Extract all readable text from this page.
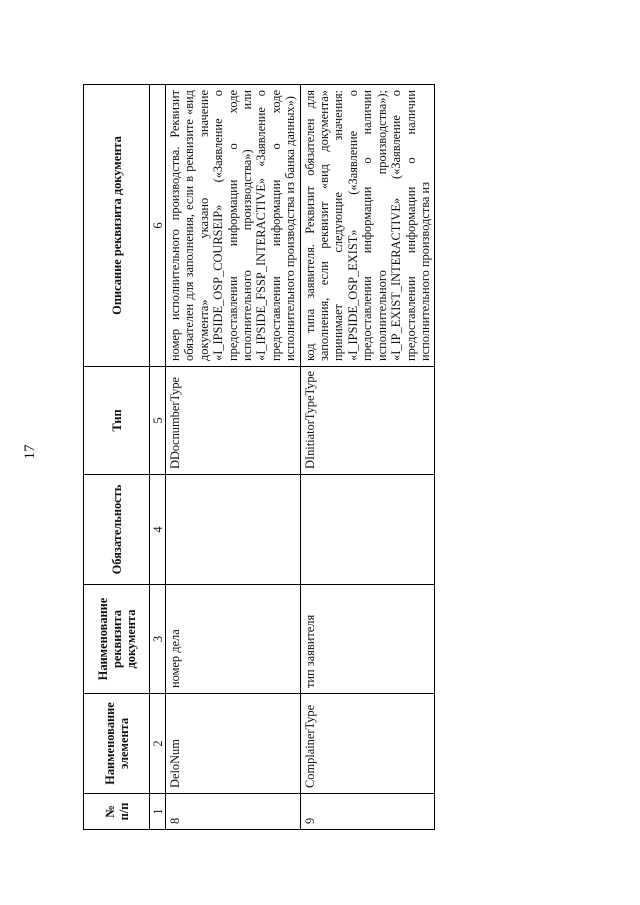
17
№ п/п	Наименование элемента	Наименование реквизита документа	Обязательность	Тип	Описание реквизита документа
1	2	3	4	5	6
8	DeloNum	номер дела		DDocnumberType	номер исполнительного производства. Реквизит обязателен для заполнения, если в реквизите «вид документа» указано значение «I_IPSIDE_OSP_COURSEIP» («Заявление о предоставлении информации о ходе исполнительного производства») или «I_IPSIDE_FSSP_INTERACTIVE» «Заявление о предоставлении информации о ходе исполнительного производства из банка данных»)
9	ComplainerType	тип заявителя		DInitiatorTypeType	код типа заявителя. Реквизит обязателен для заполнения, если реквизит «вид документа» принимает следующие значения: «I_IPSIDE_OSP_EXIST» («Заявление о предоставлении информации о наличии исполнительного производства»); «I_IP_EXIST_INTERACTIVE» («Заявление о предоставлении информации о наличии исполнительного производства из
